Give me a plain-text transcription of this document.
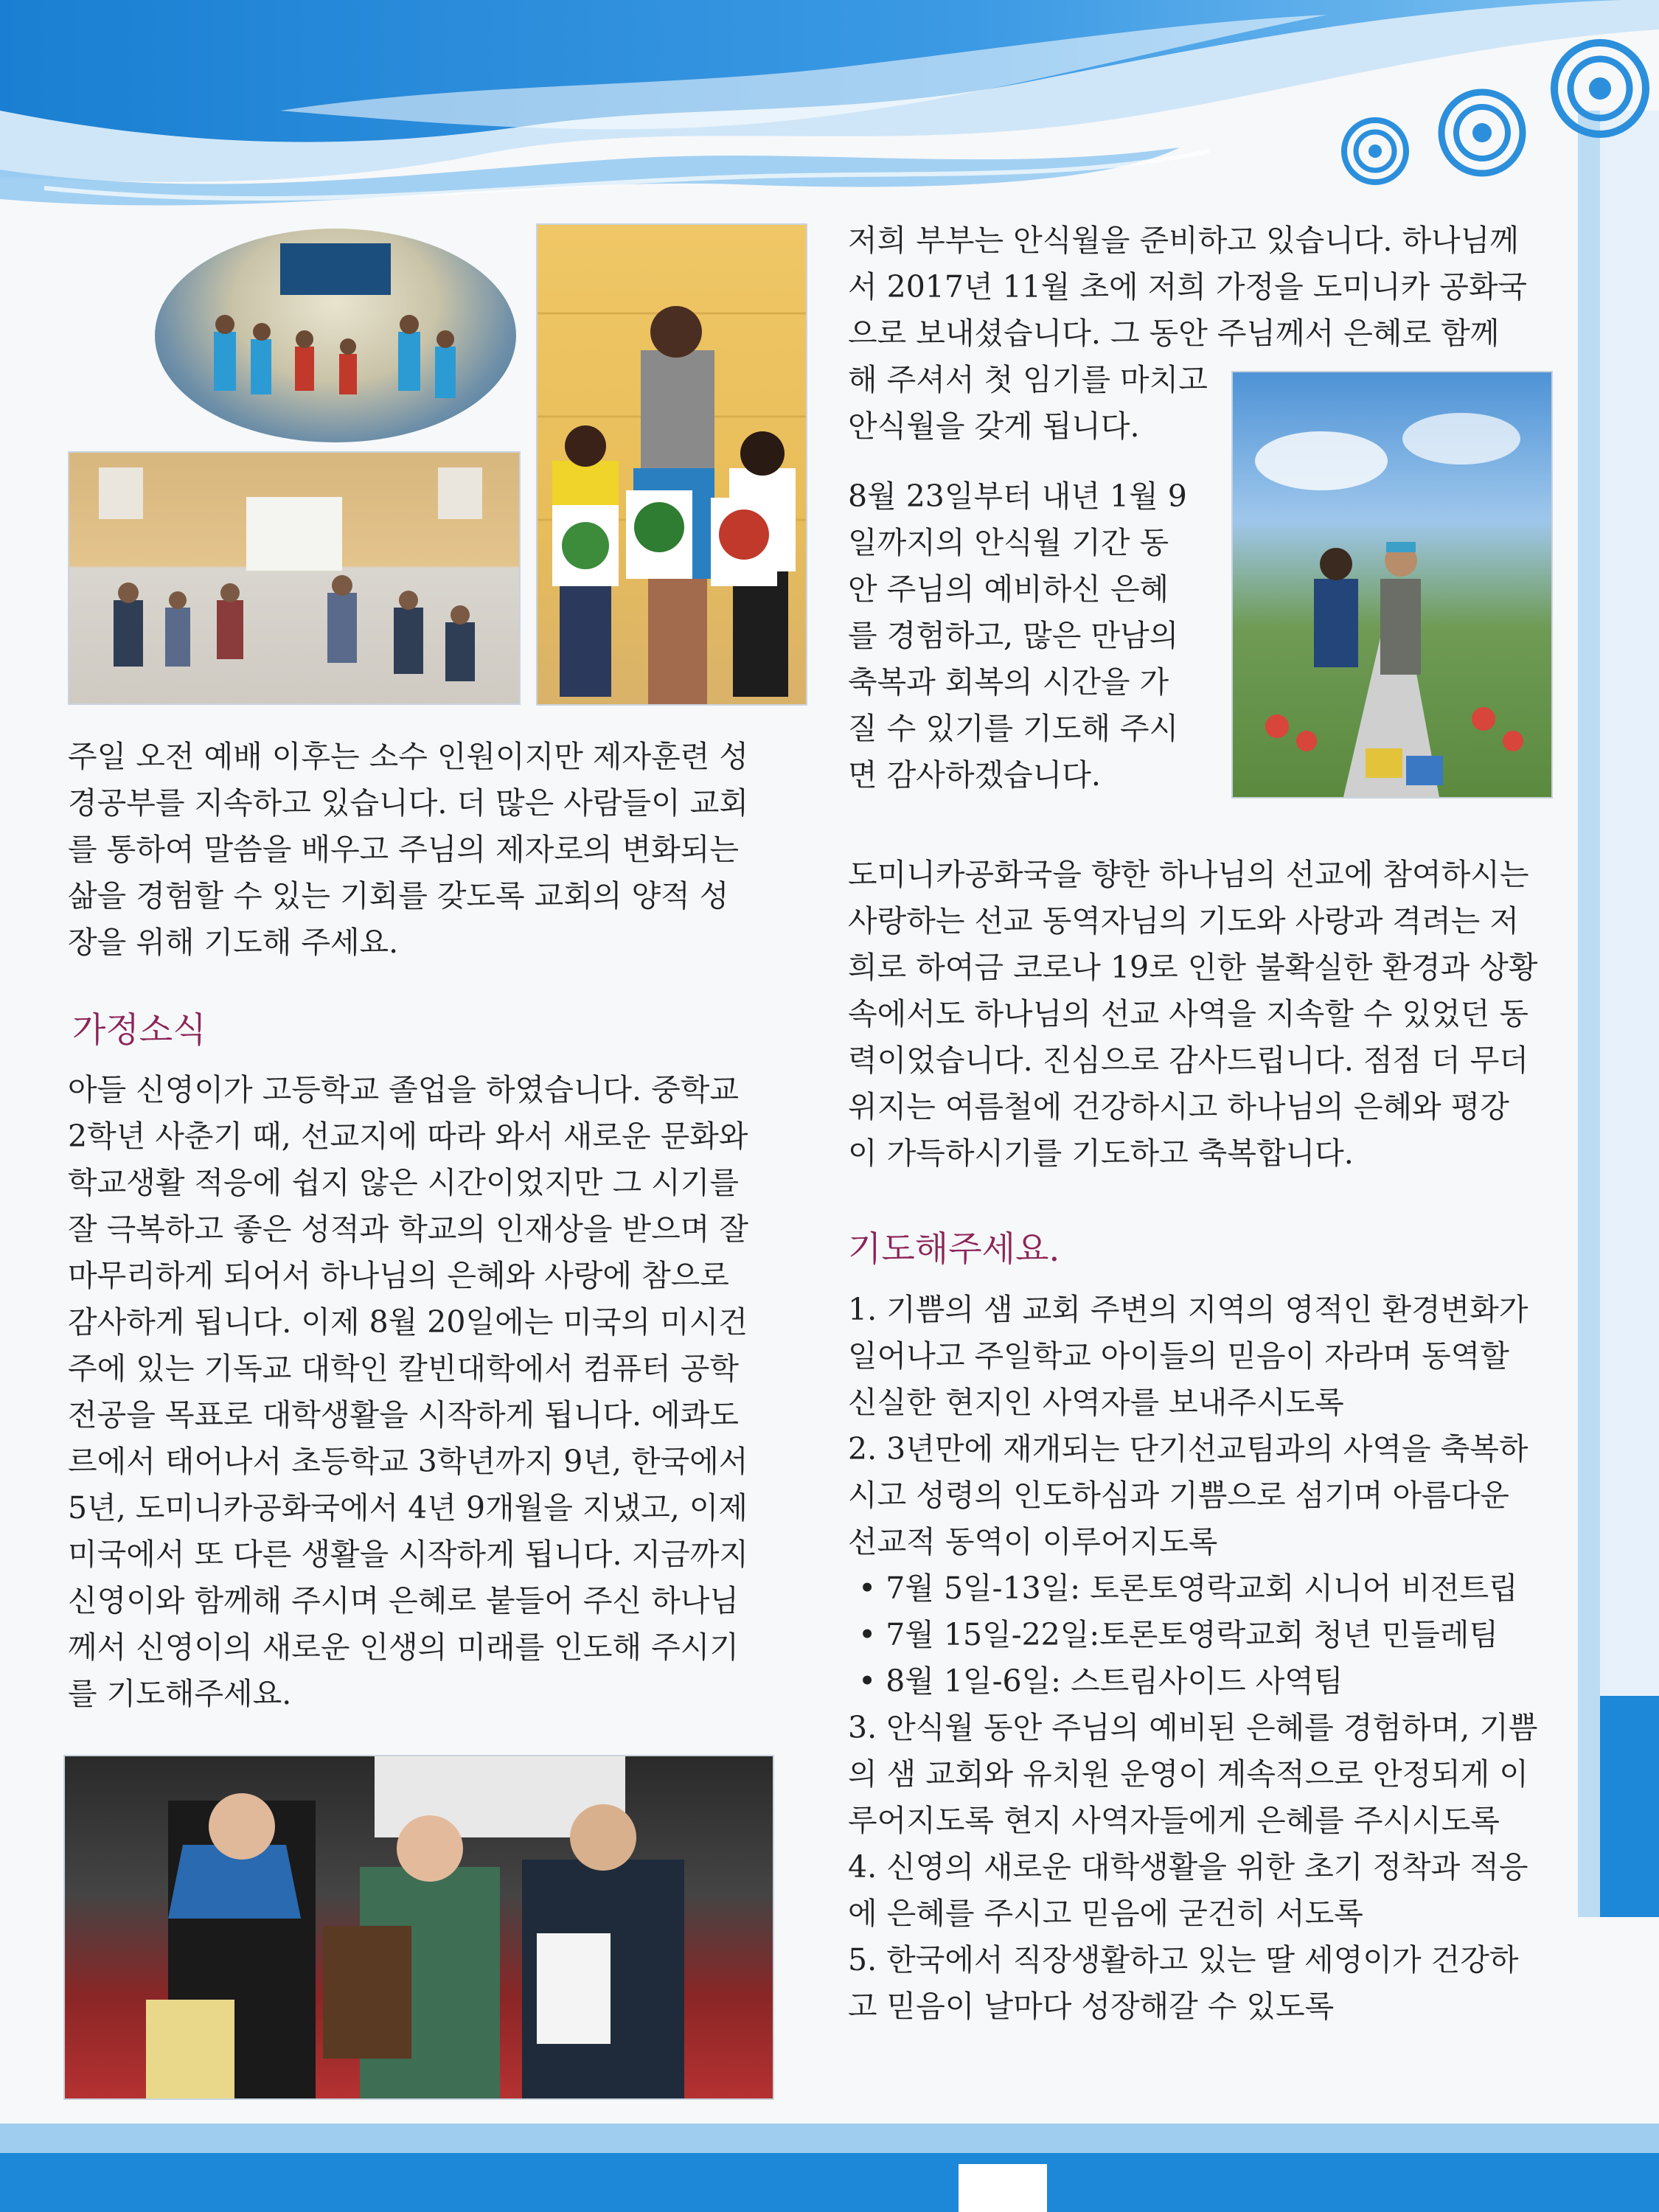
주일 오전 예배 이후는 소수 인원이지만 제자훈련 성

경공부를 지속하고 있습니다. 더 많은 사람들이 교회

를 통하여 말씀을 배우고 주님의 제자로의 변화되는

삶을 경험할 수 있는 기회를 갖도록 교회의 양적 성

장을 위해 기도해 주세요.

가정소식

아들 신영이가 고등학교 졸업을 하였습니다. 중학교

2학년 사춘기 때, 선교지에 따라 와서 새로운 문화와

학교생활 적응에 쉽지 않은 시간이었지만 그 시기를

잘 극복하고 좋은 성적과 학교의 인재상을 받으며 잘

마무리하게 되어서 하나님의 은혜와 사랑에 참으로

감사하게 됩니다. 이제 8월 20일에는 미국의 미시건

주에 있는 기독교 대학인 칼빈대학에서 컴퓨터 공학

전공을 목표로 대학생활을 시작하게 됩니다. 에콰도

르에서 태어나서 초등학교 3학년까지 9년, 한국에서

5년, 도미니카공화국에서 4년 9개월을 지냈고, 이제

미국에서 또 다른 생활을 시작하게 됩니다. 지금까지

신영이와 함께해 주시며 은혜로 붙들어 주신 하나님

께서 신영이의 새로운 인생의 미래를 인도해 주시기

를 기도해주세요.

저희 부부는 안식월을 준비하고 있습니다. 하나님께

서 2017년 11월 초에 저희 가정을 도미니카 공화국

으로 보내셨습니다. 그 동안 주님께서 은혜로 함께

해 주셔서 첫 임기를 마치고

안식월을 갖게 됩니다.

8월 23일부터 내년 1월 9

일까지의 안식월 기간 동

안 주님의 예비하신 은혜

를 경험하고, 많은 만남의

축복과 회복의 시간을 가

질 수 있기를 기도해 주시

면 감사하겠습니다.

도미니카공화국을 향한 하나님의 선교에 참여하시는

사랑하는 선교 동역자님의 기도와 사랑과 격려는 저

희로 하여금 코로나 19로 인한 불확실한 환경과 상황

속에서도 하나님의 선교 사역을 지속할 수 있었던 동

력이었습니다. 진심으로 감사드립니다. 점점 더 무더

위지는 여름철에 건강하시고 하나님의 은혜와 평강

이 가득하시기를 기도하고 축복합니다.

기도해주세요.

1. 기쁨의 샘 교회 주변의 지역의 영적인 환경변화가

일어나고 주일학교 아이들의 믿음이 자라며 동역할

신실한 현지인 사역자를 보내주시도록

2. 3년만에 재개되는 단기선교팀과의 사역을 축복하

시고 성령의 인도하심과 기쁨으로 섬기며 아름다운

선교적 동역이 이루어지도록

• 7월 5일-13일: 토론토영락교회 시니어 비전트립

• 7월 15일-22일:토론토영락교회 청년 민들레팀

• 8월 1일-6일: 스트림사이드 사역팀

3. 안식월 동안 주님의 예비된 은혜를 경험하며, 기쁨

의 샘 교회와 유치원 운영이 계속적으로 안정되게 이

루어지도록 현지 사역자들에게 은혜를 주시시도록

4. 신영의 새로운 대학생활을 위한 초기 정착과 적응

에 은혜를 주시고 믿음에 굳건히 서도록

5. 한국에서 직장생활하고 있는 딸 세영이가 건강하

고 믿음이 날마다 성장해갈 수 있도록
